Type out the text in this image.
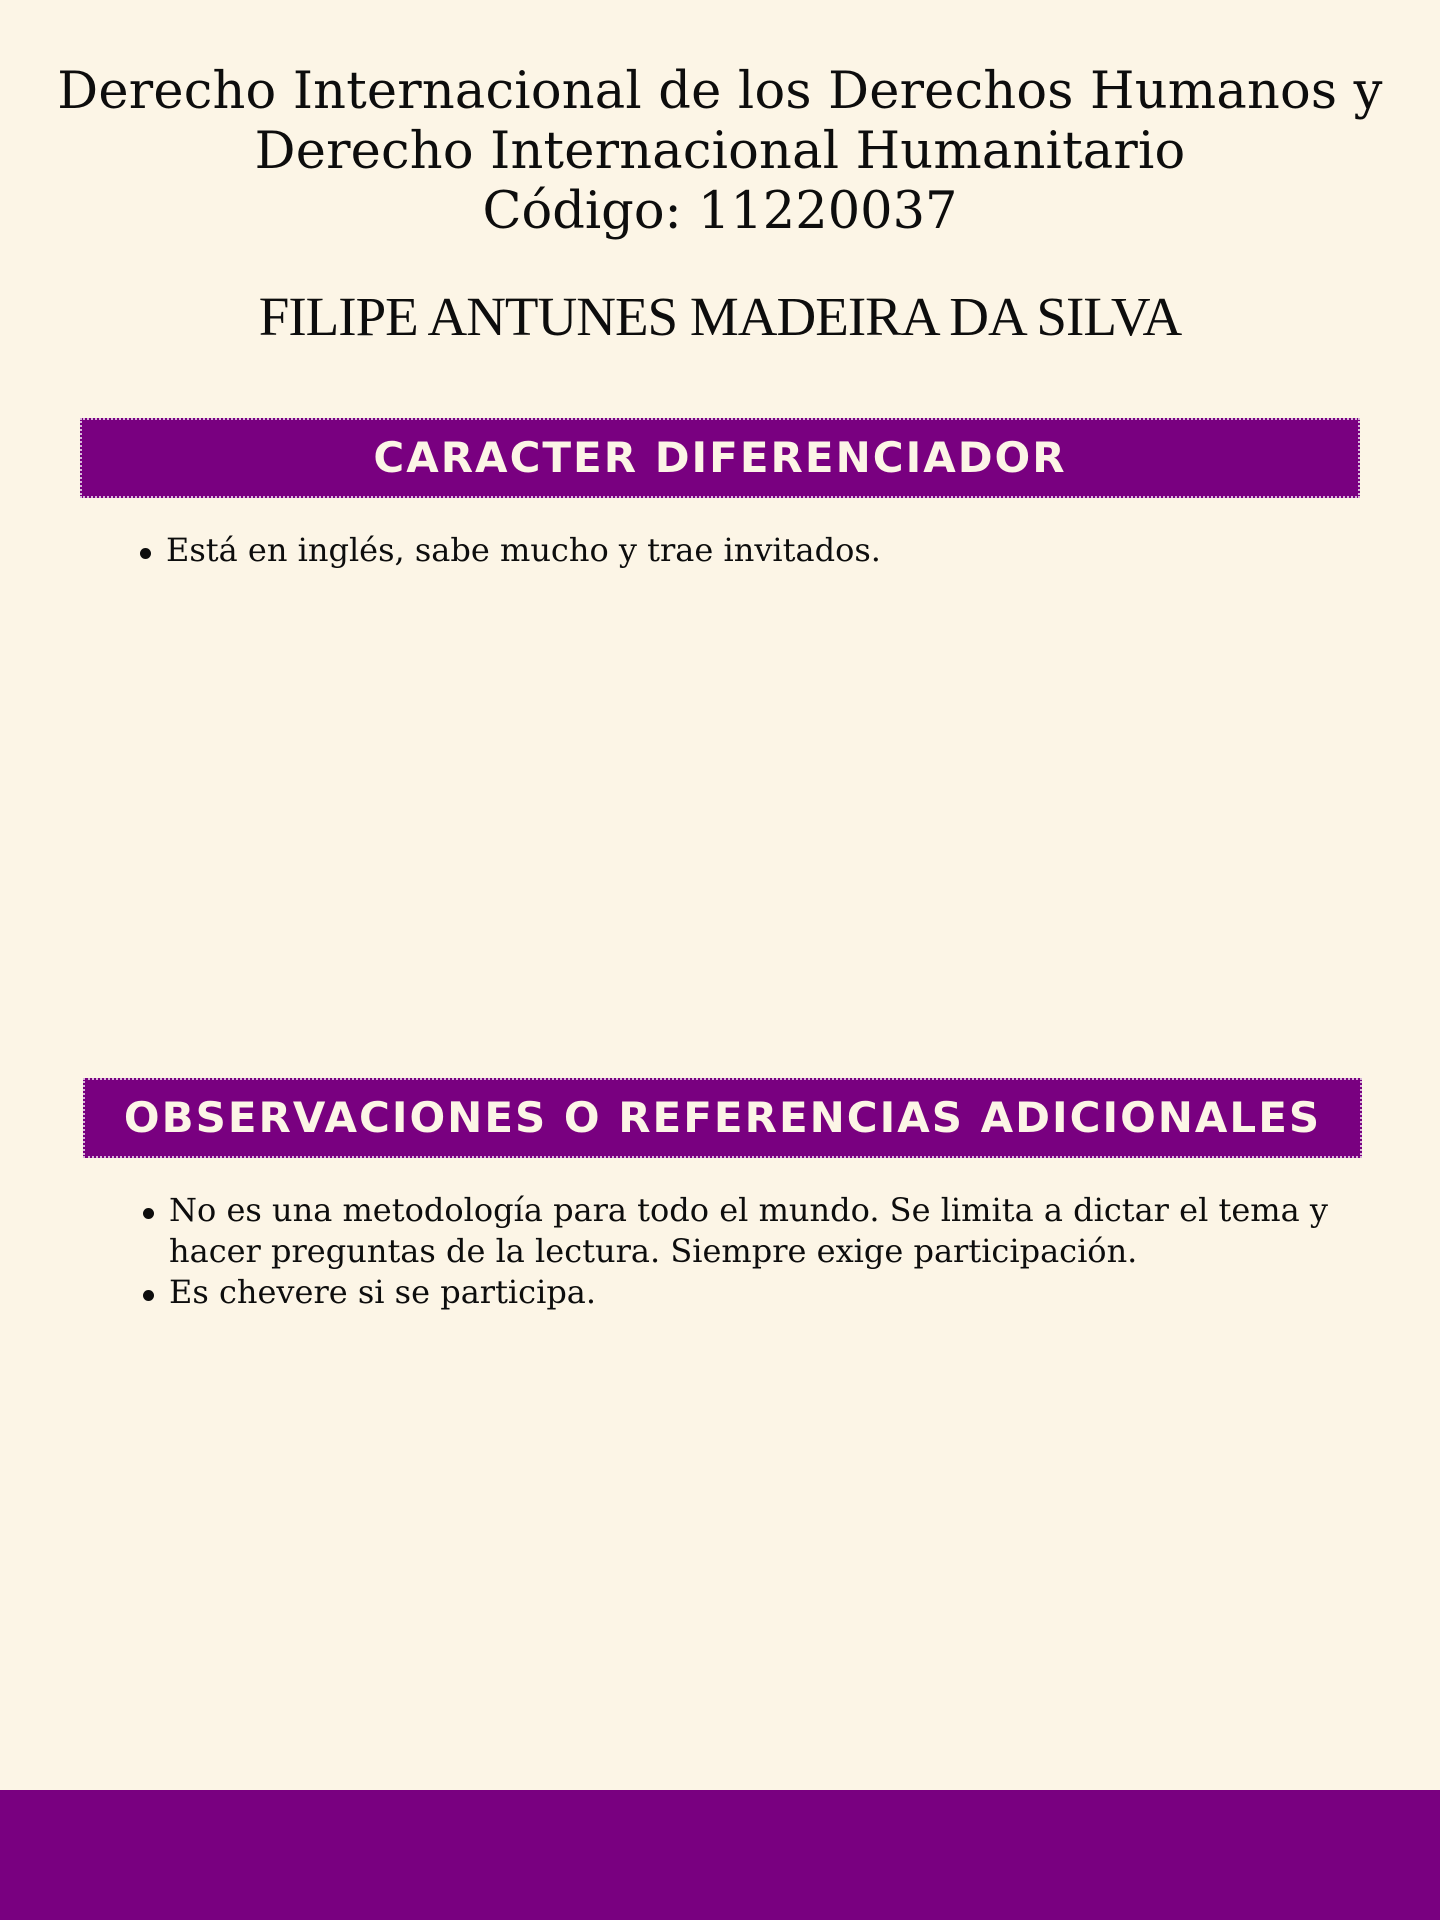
Derecho Internacional de los Derechos Humanos y
Derecho Internacional Humanitario
Código: 11220037
FILIPE ANTUNES MADEIRA DA SILVA
CARACTER DIFERENCIADOR
Está en inglés, sabe mucho y trae invitados.
OBSERVACIONES O REFERENCIAS ADICIONALES
No es una metodología para todo el mundo. Se limita a dictar el tema y hacer preguntas de la lectura. Siempre exige participación.
Es chevere si se participa.
